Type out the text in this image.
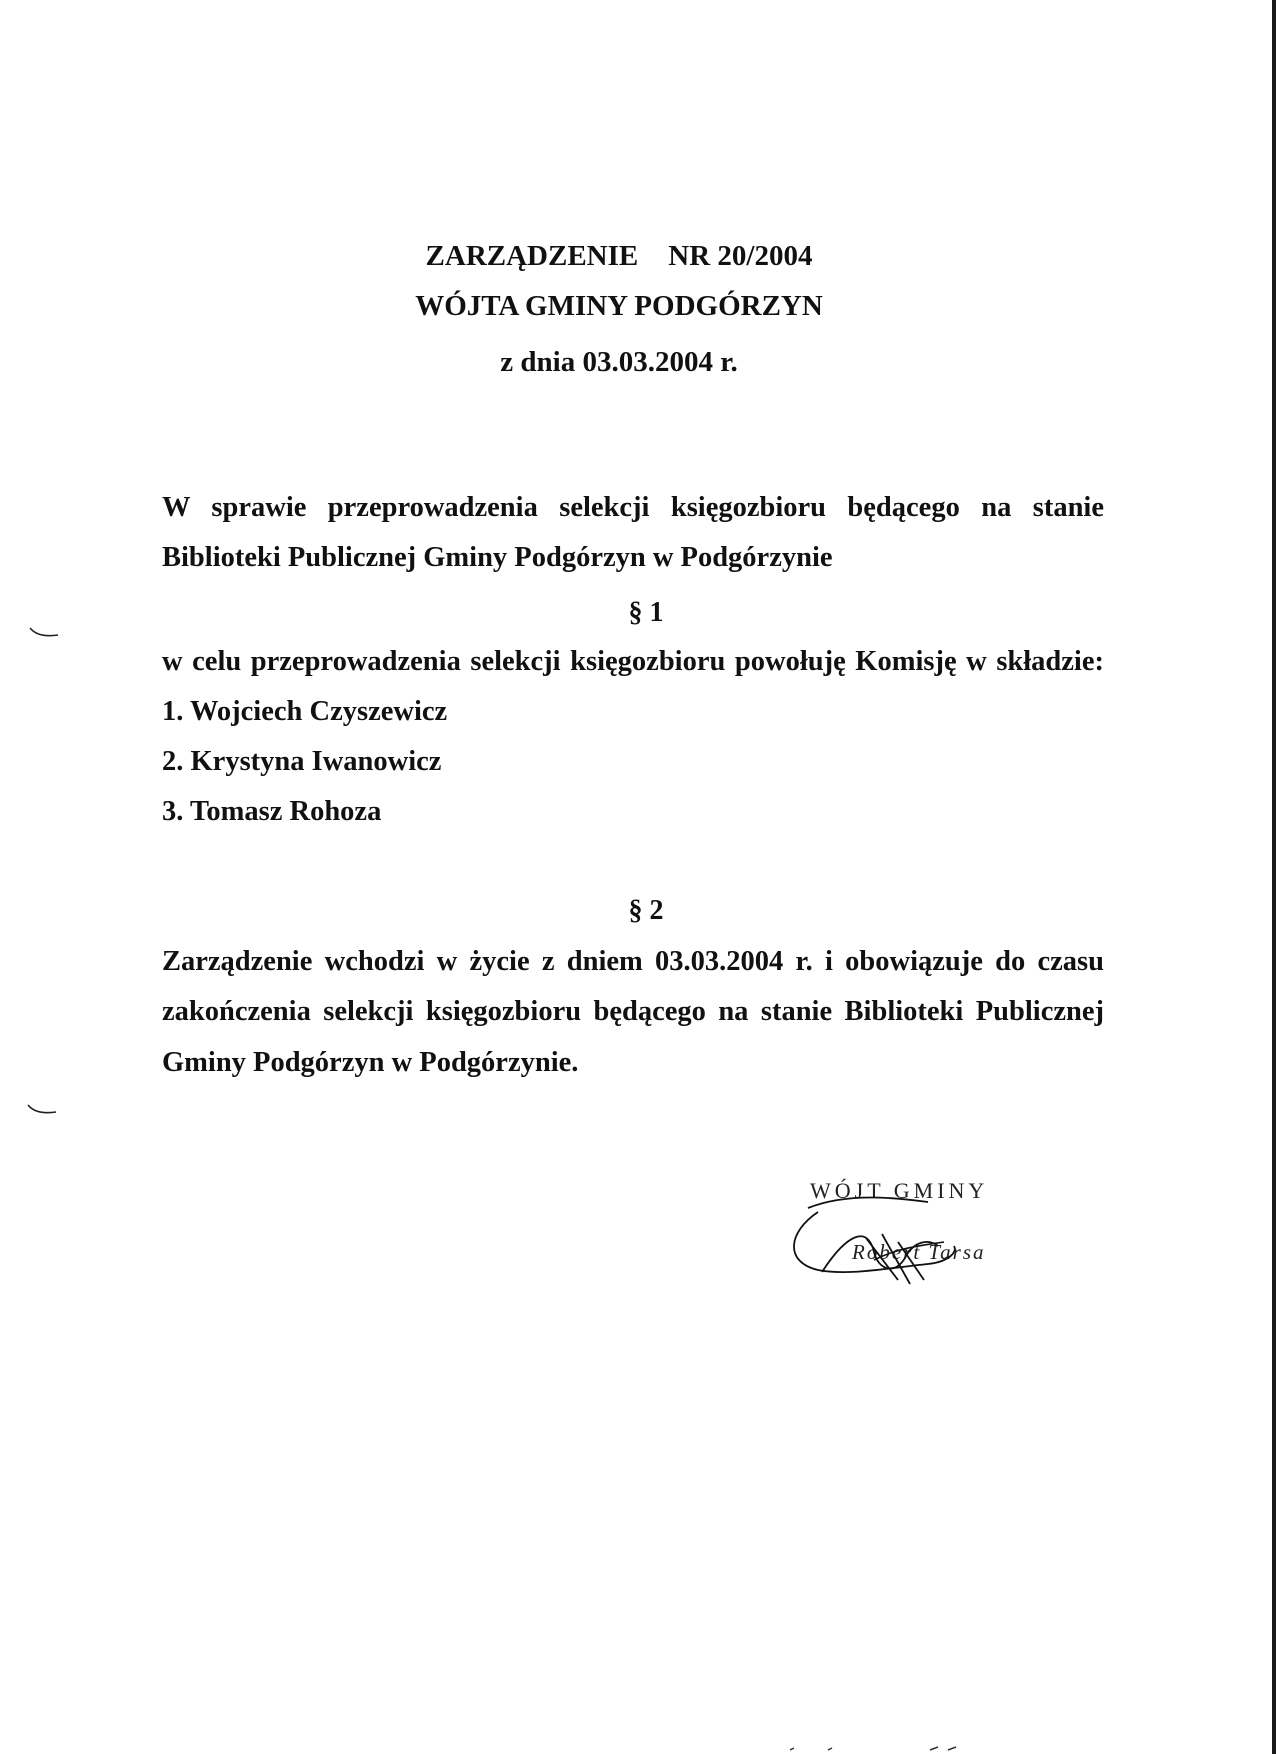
ZARZĄDZENIE NR 20/2004
WÓJTA GMINY PODGÓRZYN
z dnia 03.03.2004 r.
W sprawie przeprowadzenia selekcji księgozbioru będącego na stanie
Biblioteki Publicznej Gminy Podgórzyn w Podgórzynie
§ 1
w celu przeprowadzenia selekcji księgozbioru powołuję Komisję w składzie:
1. Wojciech Czyszewicz
2. Krystyna Iwanowicz
3. Tomasz Rohoza
§ 2
Zarządzenie wchodzi w życie z dniem 03.03.2004 r. i obowiązuje do czasu
zakończenia selekcji księgozbioru będącego na stanie Biblioteki Publicznej
Gminy Podgórzyn w Podgórzynie.
WÓJT GMINY
Robert Tarsa
